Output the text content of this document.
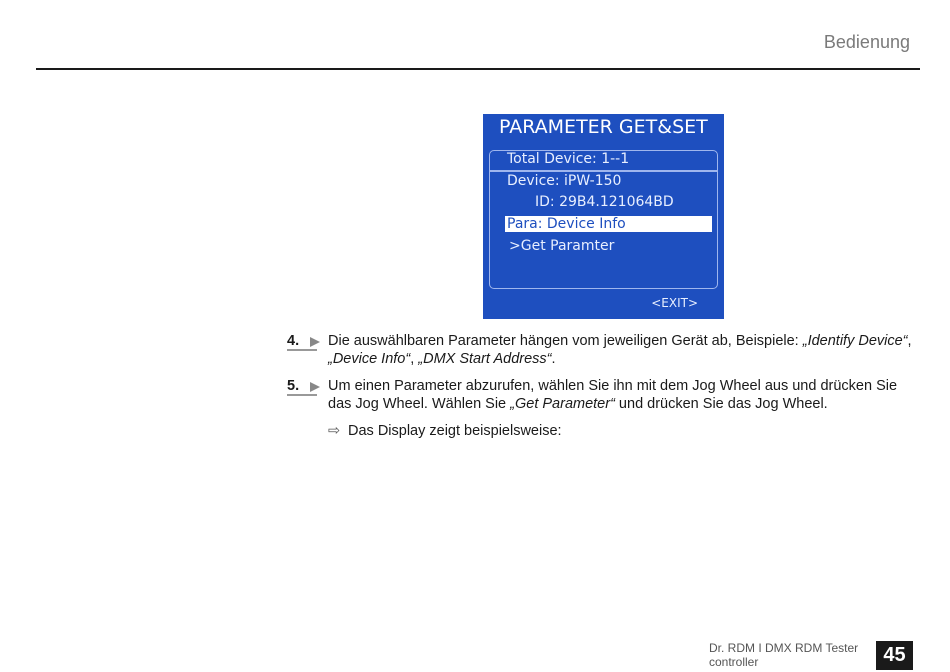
Bedienung
PARAMETER GET&SET
Total Device: 1--1
Device: iPW-150
ID: 29B4.121064BD
Para: Device Info
>Get Paramter
<EXIT>
4.	Die auswählbaren Parameter hängen vom jeweiligen Gerät ab, Beispiele: „Identify Device“, „Device Info“, „DMX Start Address“.
5.	Um einen Parameter abzurufen, wählen Sie ihn mit dem Jog Wheel aus und drücken Sie das Jog Wheel. Wählen Sie „Get Parameter“ und drücken Sie das Jog Wheel.
⇨ Das Display zeigt beispielsweise:
Dr. RDM I DMX RDM Tester controller	45
